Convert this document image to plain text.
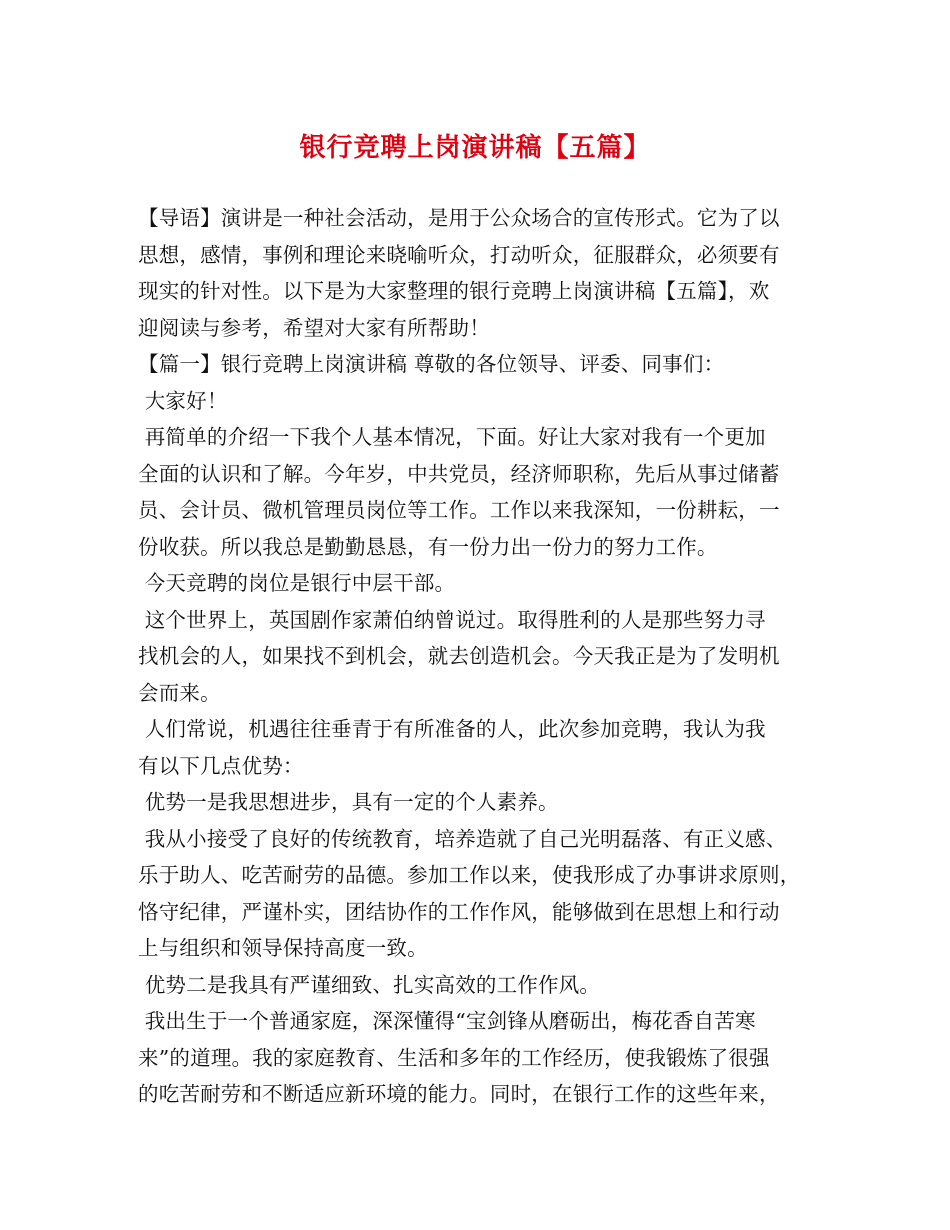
银行竞聘上岗演讲稿【五篇】
【导语】演讲是一种社会活动，是用于公众场合的宣传形式。它为了以
思想，感情，事例和理论来晓喻听众，打动听众，征服群众，必须要有
现实的针对性。以下是为大家整理的银行竞聘上岗演讲稿【五篇】，欢
迎阅读与参考，希望对大家有所帮助！
【篇一】银行竞聘上岗演讲稿 尊敬的各位领导、评委、同事们：
大家好！
再简单的介绍一下我个人基本情况，下面。好让大家对我有一个更加
全面的认识和了解。今年岁，中共党员，经济师职称，先后从事过储蓄
员、会计员、微机管理员岗位等工作。工作以来我深知，一份耕耘，一
份收获。所以我总是勤勤恳恳，有一份力出一份力的努力工作。
今天竞聘的岗位是银行中层干部。
这个世界上，英国剧作家萧伯纳曾说过。取得胜利的人是那些努力寻
找机会的人，如果找不到机会，就去创造机会。今天我正是为了发明机
会而来。
人们常说，机遇往往垂青于有所准备的人，此次参加竞聘，我认为我
有以下几点优势：
优势一是我思想进步，具有一定的个人素养。
我从小接受了良好的传统教育，培养造就了自己光明磊落、有正义感、
乐于助人、吃苦耐劳的品德。参加工作以来，使我形成了办事讲求原则，
恪守纪律，严谨朴实，团结协作的工作作风，能够做到在思想上和行动
上与组织和领导保持高度一致。
优势二是我具有严谨细致、扎实高效的工作作风。
我出生于一个普通家庭，深深懂得“宝剑锋从磨砺出，梅花香自苦寒
来”的道理。我的家庭教育、生活和多年的工作经历，使我锻炼了很强
的吃苦耐劳和不断适应新环境的能力。同时，在银行工作的这些年来，
